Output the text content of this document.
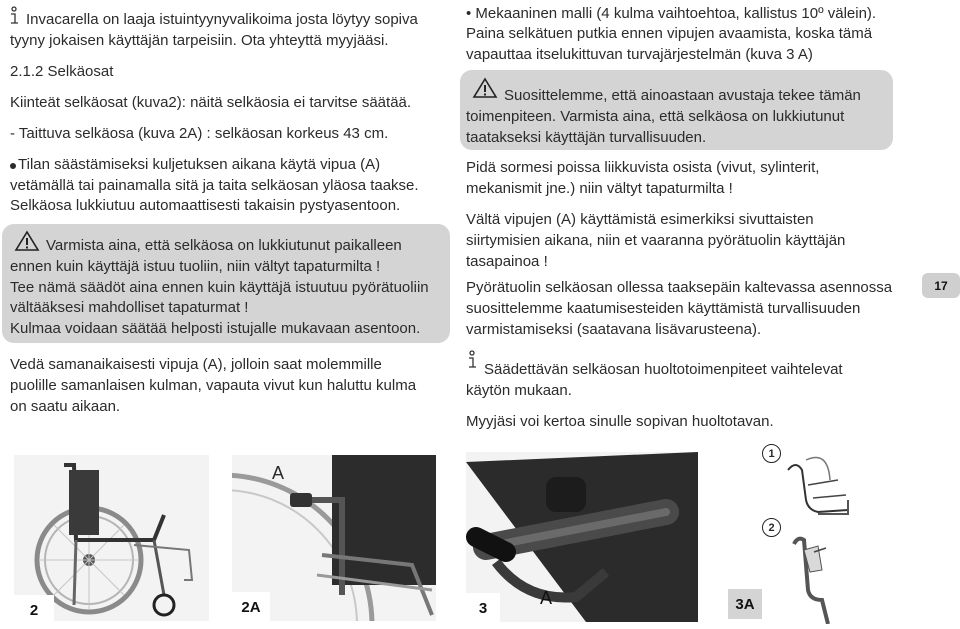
Invacarella on laaja istuintyynyvalikoima josta löytyy sopiva

tyyny jokaisen käyttäjän tarpeisiin. Ota yhteyttä myyjääsi.

2.1.2 Selkäosat

Kiinteät selkäosat (kuva2): näitä selkäosia ei tarvitse säätää.

- Taittuva selkäosa (kuva 2A) : selkäosan korkeus 43 cm.

Tilan säästämiseksi kuljetuksen aikana käytä vipua (A)

vetämällä tai painamalla sitä ja taita selkäosan yläosa taakse.

Selkäosa lukkiutuu automaattisesti takaisin pystyasentoon.

Varmista aina, että selkäosa on lukkiutunut paikalleen

ennen kuin käyttäjä istuu tuoliin, niin vältyt tapaturmilta !

Tee nämä säädöt aina ennen kuin käyttäjä istuutuu pyörätuoliin

vältääksesi mahdolliset tapaturmat !

Kulmaa voidaan säätää helposti istujalle mukavaan asentoon.

Vedä samanaikaisesti vipuja (A), jolloin saat molemmille

puolille samanlaisen kulman, vapauta vivut kun haluttu kulma

on saatu aikaan.

• Mekaaninen malli (4 kulma vaihtoehtoa, kallistus 10º välein).

Paina selkätuen putkia ennen vipujen avaamista, koska tämä

vapauttaa itselukittuvan turvajärjestelmän (kuva 3 A)

Suosittelemme, että ainoastaan avustaja tekee tämän

toimenpiteen. Varmista aina, että selkäosa on lukkiutunut

taatakseksi käyttäjän turvallisuuden.

Pidä sormesi poissa liikkuvista osista (vivut, sylinterit,

mekanismit jne.) niin vältyt tapaturmilta !

Vältä vipujen (A) käyttämistä esimerkiksi sivuttaisten

siirtymisien aikana, niin et vaaranna pyörätuolin käyttäjän

tasapainoa !

Pyörätuolin selkäosan ollessa taaksepäin kaltevassa asennossa

suosittelemme kaatumisesteiden käyttämistä turvallisuuden

varmistamiseksi (saatavana lisävarusteena).

Säädettävän selkäosan huoltotoimenpiteet vaihtelevat

käytön mukaan.

Myyjäsi voi kertoa sinulle sopivan huoltotavan.

17
2
A
2A	A
3
1
2
3A
